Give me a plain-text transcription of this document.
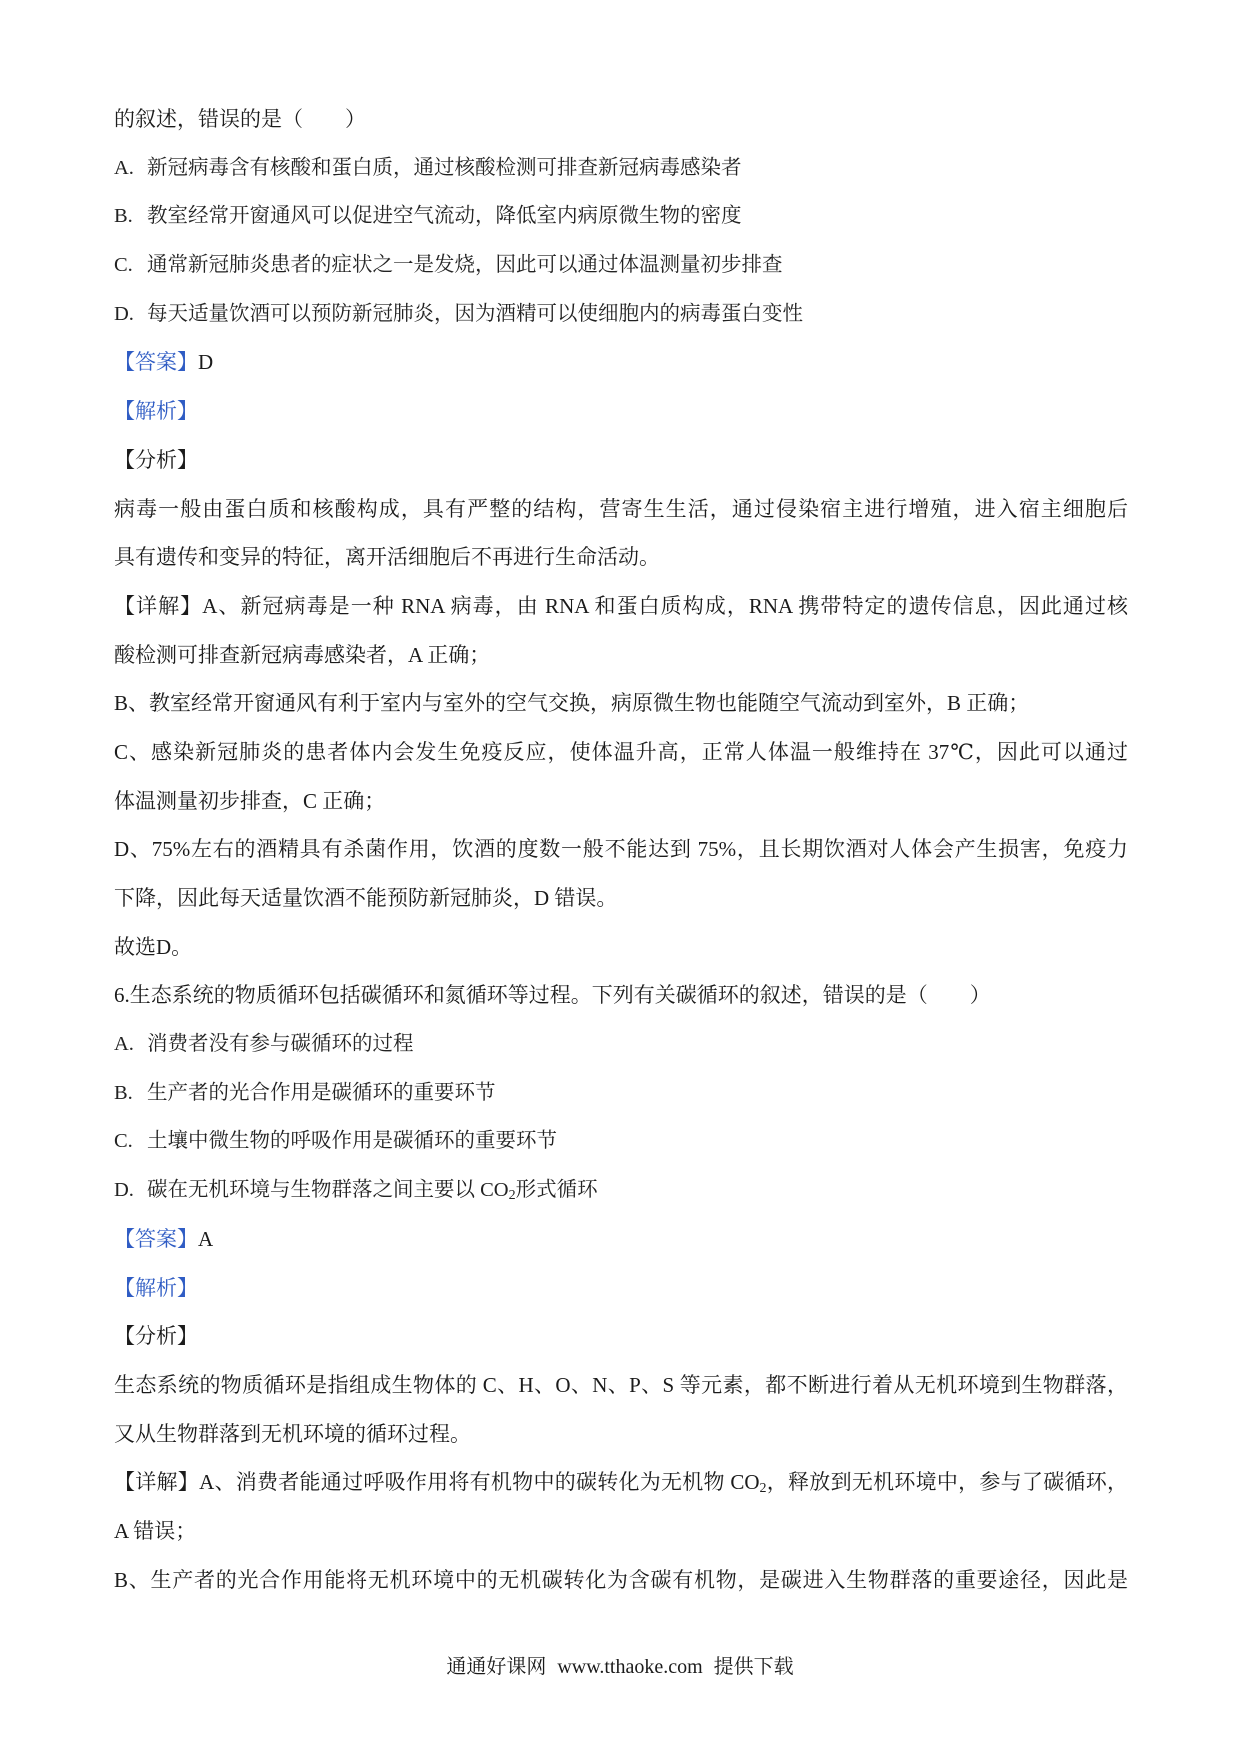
的叙述，错误的是（　　）
A. 新冠病毒含有核酸和蛋白质，通过核酸检测可排查新冠病毒感染者
B. 教室经常开窗通风可以促进空气流动，降低室内病原微生物的密度
C. 通常新冠肺炎患者的症状之一是发烧，因此可以通过体温测量初步排查
D. 每天适量饮酒可以预防新冠肺炎，因为酒精可以使细胞内的病毒蛋白变性
【答案】D
【解析】
【分析】
病毒一般由蛋白质和核酸构成，具有严整的结构，营寄生生活，通过侵染宿主进行增殖，进入宿主细胞后
具有遗传和变异的特征，离开活细胞后不再进行生命活动。
【详解】A、新冠病毒是一种 RNA 病毒，由 RNA 和蛋白质构成，RNA 携带特定的遗传信息，因此通过核
酸检测可排查新冠病毒感染者，A 正确；
B、教室经常开窗通风有利于室内与室外的空气交换，病原微生物也能随空气流动到室外，B 正确；
C、感染新冠肺炎的患者体内会发生免疫反应，使体温升高，正常人体温一般维持在 37℃，因此可以通过
体温测量初步排查，C 正确；
D、75%左右的酒精具有杀菌作用，饮酒的度数一般不能达到 75%，且长期饮酒对人体会产生损害，免疫力
下降，因此每天适量饮酒不能预防新冠肺炎，D 错误。
故选D。
6.生态系统的物质循环包括碳循环和氮循环等过程。下列有关碳循环的叙述，错误的是（　　）
A. 消费者没有参与碳循环的过程
B. 生产者的光合作用是碳循环的重要环节
C. 土壤中微生物的呼吸作用是碳循环的重要环节
D. 碳在无机环境与生物群落之间主要以 $CO_2$形式循环
【答案】A
【解析】
【分析】
生态系统的物质循环是指组成生物体的 C、H、O、N、P、S 等元素，都不断进行着从无机环境到生物群落，
又从生物群落到无机环境的循环过程。
【详解】A、消费者能通过呼吸作用将有机物中的碳转化为无机物 $CO_2$，释放到无机环境中，参与了碳循环，
A 错误；
B、生产者的光合作用能将无机环境中的无机碳转化为含碳有机物，是碳进入生物群落的重要途径，因此是
通通好课网 www.tthaoke.com 提供下载
